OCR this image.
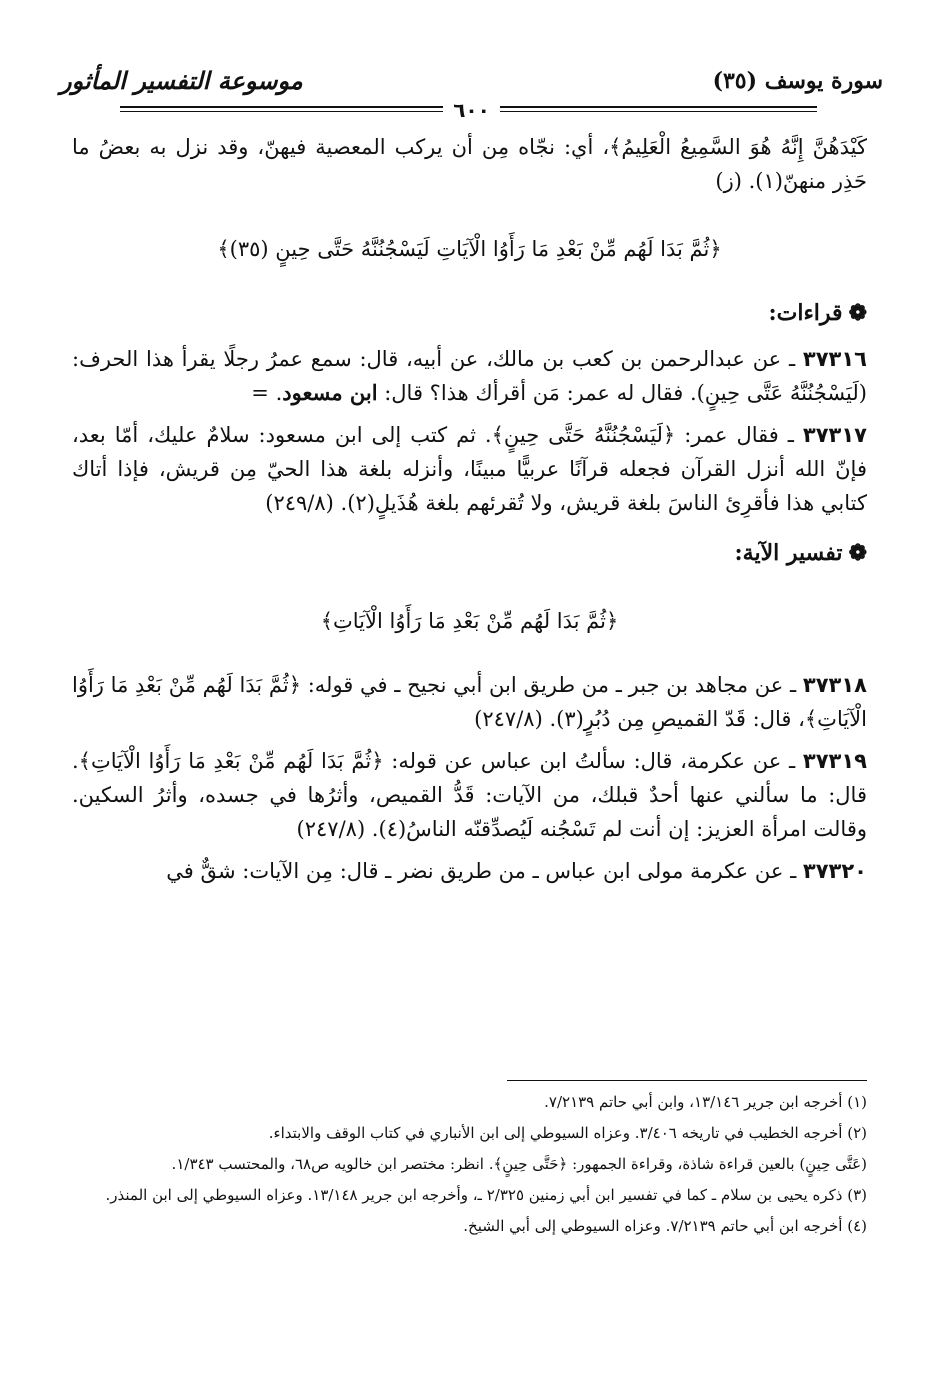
سورة يوسف (٣٥)
موسوعة التفسير المأثور
٦٠٠

كَيْدَهُنَّ إِنَّهُ هُوَ السَّمِيعُ الْعَلِيمُ﴾، أي: نجّاه مِن أن يركب المعصية فيهنّ، وقد نزل به بعضُ ما حَذِر منهنّ(١). (ز)

﴿ثُمَّ بَدَا لَهُم مِّنْ بَعْدِ مَا رَأَوُا الْآيَاتِ لَيَسْجُنُنَّهُ حَتَّى حِينٍ (٣٥)﴾
❁قراءات:

٣٧٣١٦ ـ عن عبدالرحمن بن كعب بن مالك، عن أبيه، قال: سمع عمرُ رجلًا يقرأ هذا الحرف: (لَيَسْجُنُنَّهُ عَتَّى حِينٍ). فقال له عمر: مَن أقرأك هذا؟ قال: ابن مسعود. =

٣٧٣١٧ ـ فقال عمر: ﴿لَيَسْجُنُنَّهُ حَتَّى حِينٍ﴾. ثم كتب إلى ابن مسعود: سلامٌ عليك، أمّا بعد، فإنّ الله أنزل القرآن فجعله قرآنًا عربيًّا مبينًا، وأنزله بلغة هذا الحيّ مِن قريش، فإذا أتاك كتابي هذا فأقرِئ الناسَ بلغة قريش، ولا تُقرئهم بلغة هُذَيلٍ(٢). (٢٤٩/٨)

❁تفسير الآية:
﴿ثُمَّ بَدَا لَهُم مِّنْ بَعْدِ مَا رَأَوُا الْآيَاتِ﴾

٣٧٣١٨ ـ عن مجاهد بن جبر ـ من طريق ابن أبي نجيح ـ في قوله: ﴿ثُمَّ بَدَا لَهُم مِّنْ بَعْدِ مَا رَأَوُا الْآيَاتِ﴾، قال: قَدّ القميصِ مِن دُبُرٍ(٣). (٢٤٧/٨)

٣٧٣١٩ ـ عن عكرمة، قال: سألتُ ابن عباس عن قوله: ﴿ثُمَّ بَدَا لَهُم مِّنْ بَعْدِ مَا رَأَوُا الْآيَاتِ﴾. قال: ما سألني عنها أحدٌ قبلك، من الآيات: قَدُّ القميص، وأثرُها في جسده، وأثرُ السكين. وقالت امرأة العزيز: إن أنت لم تَسْجُنه لَيُصدِّقنّه الناسُ(٤). (٢٤٧/٨)

٣٧٣٢٠ ـ عن عكرمة مولى ابن عباس ـ من طريق نضر ـ قال: مِن الآيات: شقٌّ في

(١) أخرجه ابن جرير ١٣/١٤٦، وابن أبي حاتم ٧/٢١٣٩.

(٢) أخرجه الخطيب في تاريخه ٣/٤٠٦. وعزاه السيوطي إلى ابن الأنباري في كتاب الوقف والابتداء.

(عَتَّى حِينٍ) بالعين قراءة شاذة، وقراءة الجمهور: ﴿حَتَّى حِينٍ﴾. انظر: مختصر ابن خالويه ص٦٨، والمحتسب ١/٣٤٣.

(٣) ذكره يحيى بن سلام ـ كما في تفسير ابن أبي زمنين ٢/٣٢٥ ـ، وأخرجه ابن جرير ١٣/١٤٨. وعزاه السيوطي إلى ابن المنذر.

(٤) أخرجه ابن أبي حاتم ٧/٢١٣٩. وعزاه السيوطي إلى أبي الشيخ.
